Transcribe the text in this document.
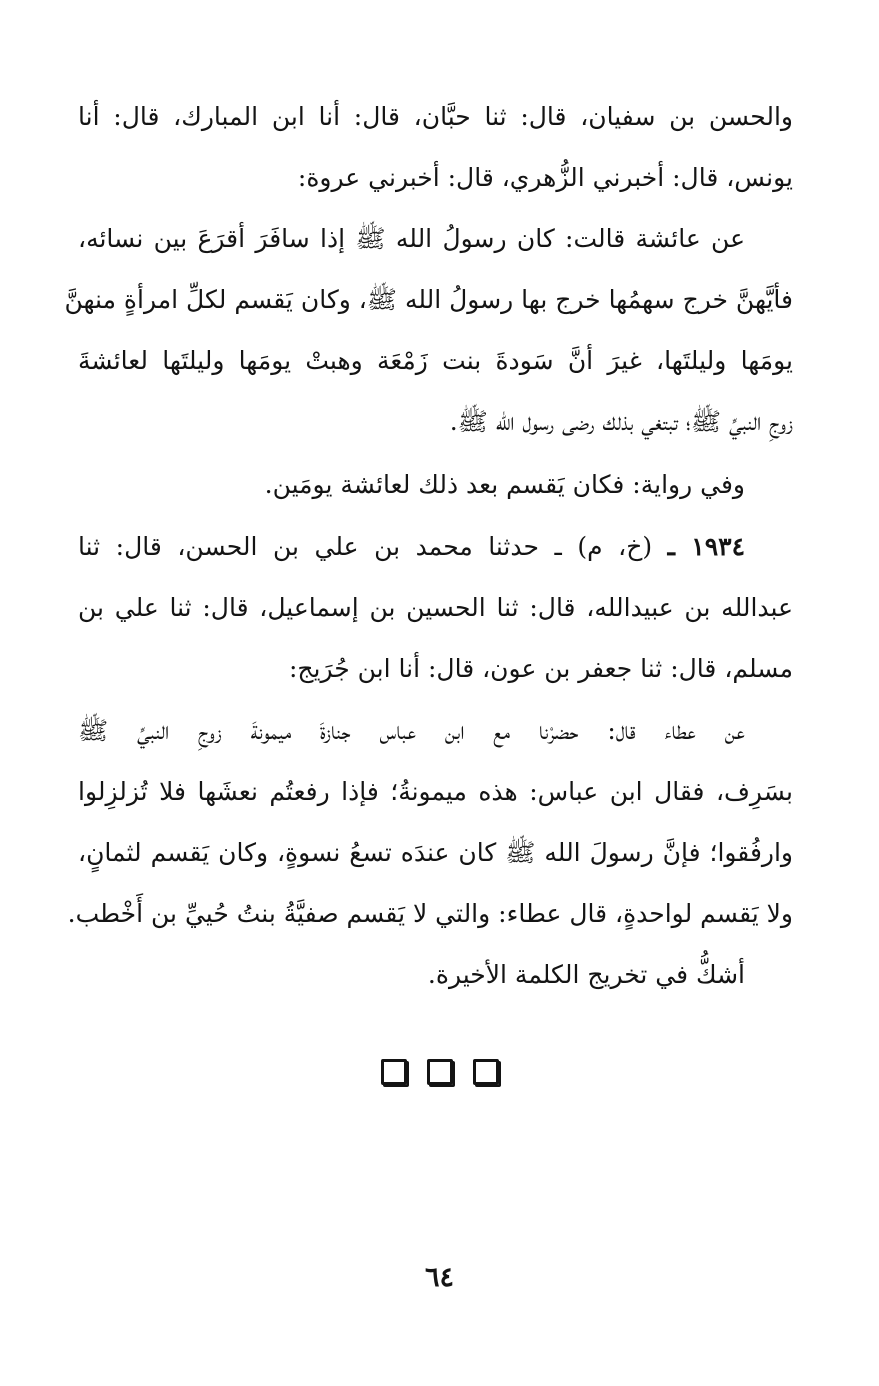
والحسن بن سفيان، قال: ثنا حبَّان، قال: أنا ابن المبارك، قال: أنا
يونس، قال: أخبرني الزُّهري، قال: أخبرني عروة:
عن عائشة قالت: كان رسولُ الله ﷺ إذا سافَرَ أقرَعَ بين نسائه،
فأيَّهنَّ خرج سهمُها خرج بها رسولُ الله ﷺ، وكان يَقسم لكلِّ امرأةٍ منهنَّ
يومَها وليلتَها، غيرَ أنَّ سَودةَ بنت زَمْعَة وهبتْ يومَها وليلتَها لعائشةَ
زوجِ النبيِّ ﷺ؛ تبتغي بذلك رضى رسول الله ﷺ.
وفي رواية: فكان يَقسم بعد ذلك لعائشة يومَين.
١٩٣٤ ـ (خ، م) ـ حدثنا محمد بن علي بن الحسن، قال: ثنا
عبدالله بن عبيدالله، قال: ثنا الحسين بن إسماعيل، قال: ثنا علي بن
مسلم، قال: ثنا جعفر بن عون، قال: أنا ابن جُرَيج:
عن عطاء قال: حضرْنا مع ابن عباس جنازةَ ميمونةَ زوجِ النبيِّ ﷺ
بسَرِف، فقال ابن عباس: هذه ميمونةُ؛ فإذا رفعتُم نعشَها فلا تُزلزِلوا
وارفُقوا؛ فإنَّ رسولَ الله ﷺ كان عندَه تسعُ نسوةٍ، وكان يَقسم لثمانٍ،
ولا يَقسم لواحدةٍ، قال عطاء: والتي لا يَقسم صفيَّةُ بنتُ حُييِّ بن أَخْطب.
أشكُّ في تخريج الكلمة الأخيرة.
٦٤
